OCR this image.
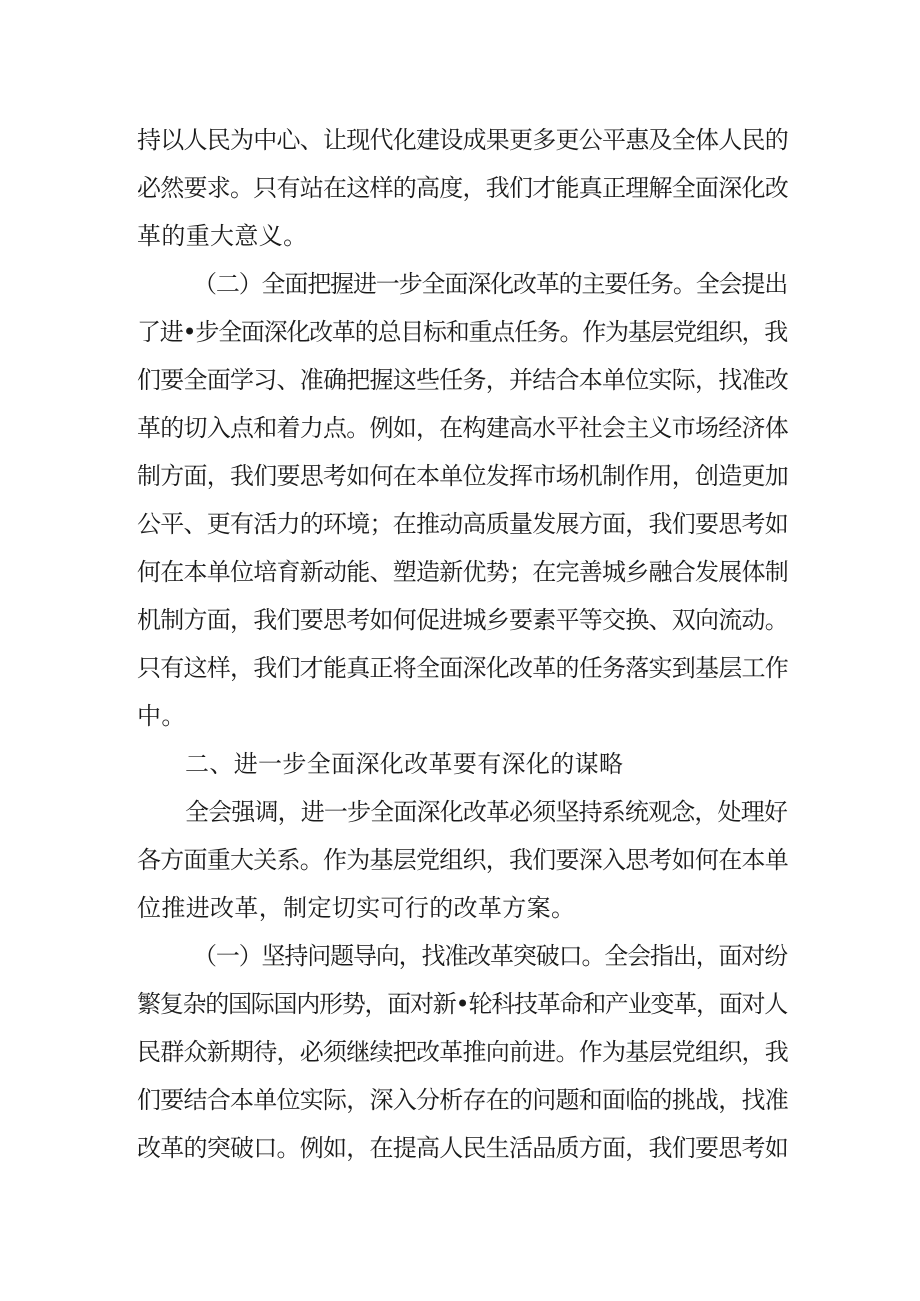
持以人民为中心、让现代化建设成果更多更公平惠及全体人民的
必然要求。只有站在这样的高度，我们才能真正理解全面深化改
革的重大意义。
（二）全面把握进一步全面深化改革的主要任务。全会提出
了进•步全面深化改革的总目标和重点任务。作为基层党组织，我
们要全面学习、准确把握这些任务，并结合本单位实际，找准改
革的切入点和着力点。例如，在构建高水平社会主义市场经济体
制方面，我们要思考如何在本单位发挥市场机制作用，创造更加
公平、更有活力的环境；在推动高质量发展方面，我们要思考如
何在本单位培育新动能、塑造新优势；在完善城乡融合发展体制
机制方面，我们要思考如何促进城乡要素平等交换、双向流动。
只有这样，我们才能真正将全面深化改革的任务落实到基层工作
中。
二、进一步全面深化改革要有深化的谋略
全会强调，进一步全面深化改革必须坚持系统观念，处理好
各方面重大关系。作为基层党组织，我们要深入思考如何在本单
位推进改革，制定切实可行的改革方案。
（一）坚持问题导向，找准改革突破口。全会指出，面对纷
繁复杂的国际国内形势，面对新•轮科技革命和产业变革，面对人
民群众新期待，必须继续把改革推向前进。作为基层党组织，我
们要结合本单位实际，深入分析存在的问题和面临的挑战，找准
改革的突破口。例如，在提高人民生活品质方面，我们要思考如
